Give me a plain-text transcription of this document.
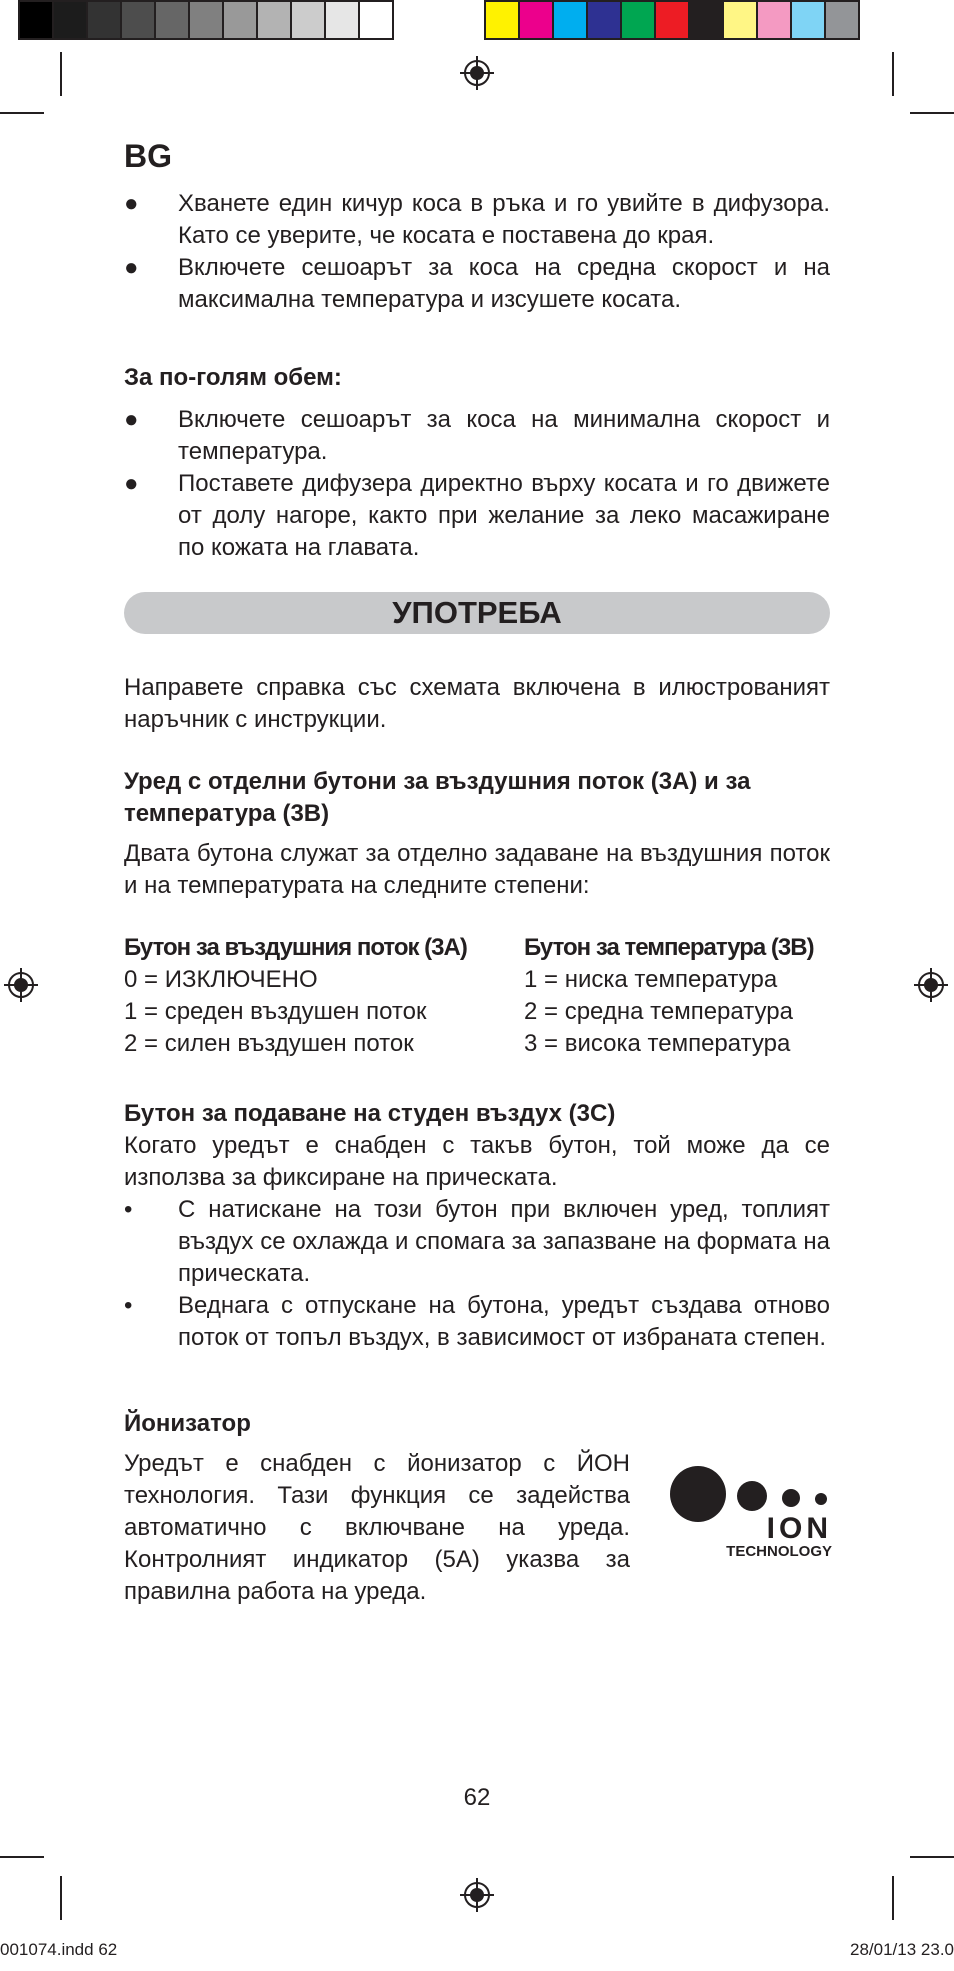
BG
● Хванете един кичур коса в ръка и го увийте в дифузора. Като се уверите, че косата е поставена до края.
● Включете сешоарът за коса на средна скорост и на максимална температура и изсушете косата.
За по-голям обем:
● Включете сешоарът за коса на минимална скорост и температура.
● Поставете дифузера директно върху косата и го движете от долу нагоре, както при желание за леко масажиране по кожата на главата.
УПОТРЕБА

Направете справка със схемата включена в илюстрованият наръчник с инструкции.

Уред с отделни бутони за въздушния поток (3A) и за температура (3B)

Двата бутона служат за отделно задаване на въздушния поток и на температурата на следните степени:

Бутон за въздушния поток (3A)
0 = ИЗКЛЮЧЕНО
1 = среден въздушен поток
2 = силен въздушен поток
Бутон за температура (3B)
1 = ниска температура
2 = средна температура
3 = висока температура
Бутон за подаване на студен въздух (3C)

Когато уредът е снабден с такъв бутон, той може да се използва за фиксиране на прическата.

• С натискане на този бутон при включен уред, топлият въздух се охлажда и спомага за запазване на формата на прическата.
• Веднага с отпускане на бутона, уредът създава отново поток от топъл въздух, в зависимост от избраната степен.
Йонизатор

Уредът е снабден с йонизатор с ЙОН технология. Тази функция се задейства автоматично с включване на уреда. Контролният индикатор (5A) указва за правилна работа на уреда.

ION
TECHNOLOGY
62
001074.indd 62	28/01/13 23.0
